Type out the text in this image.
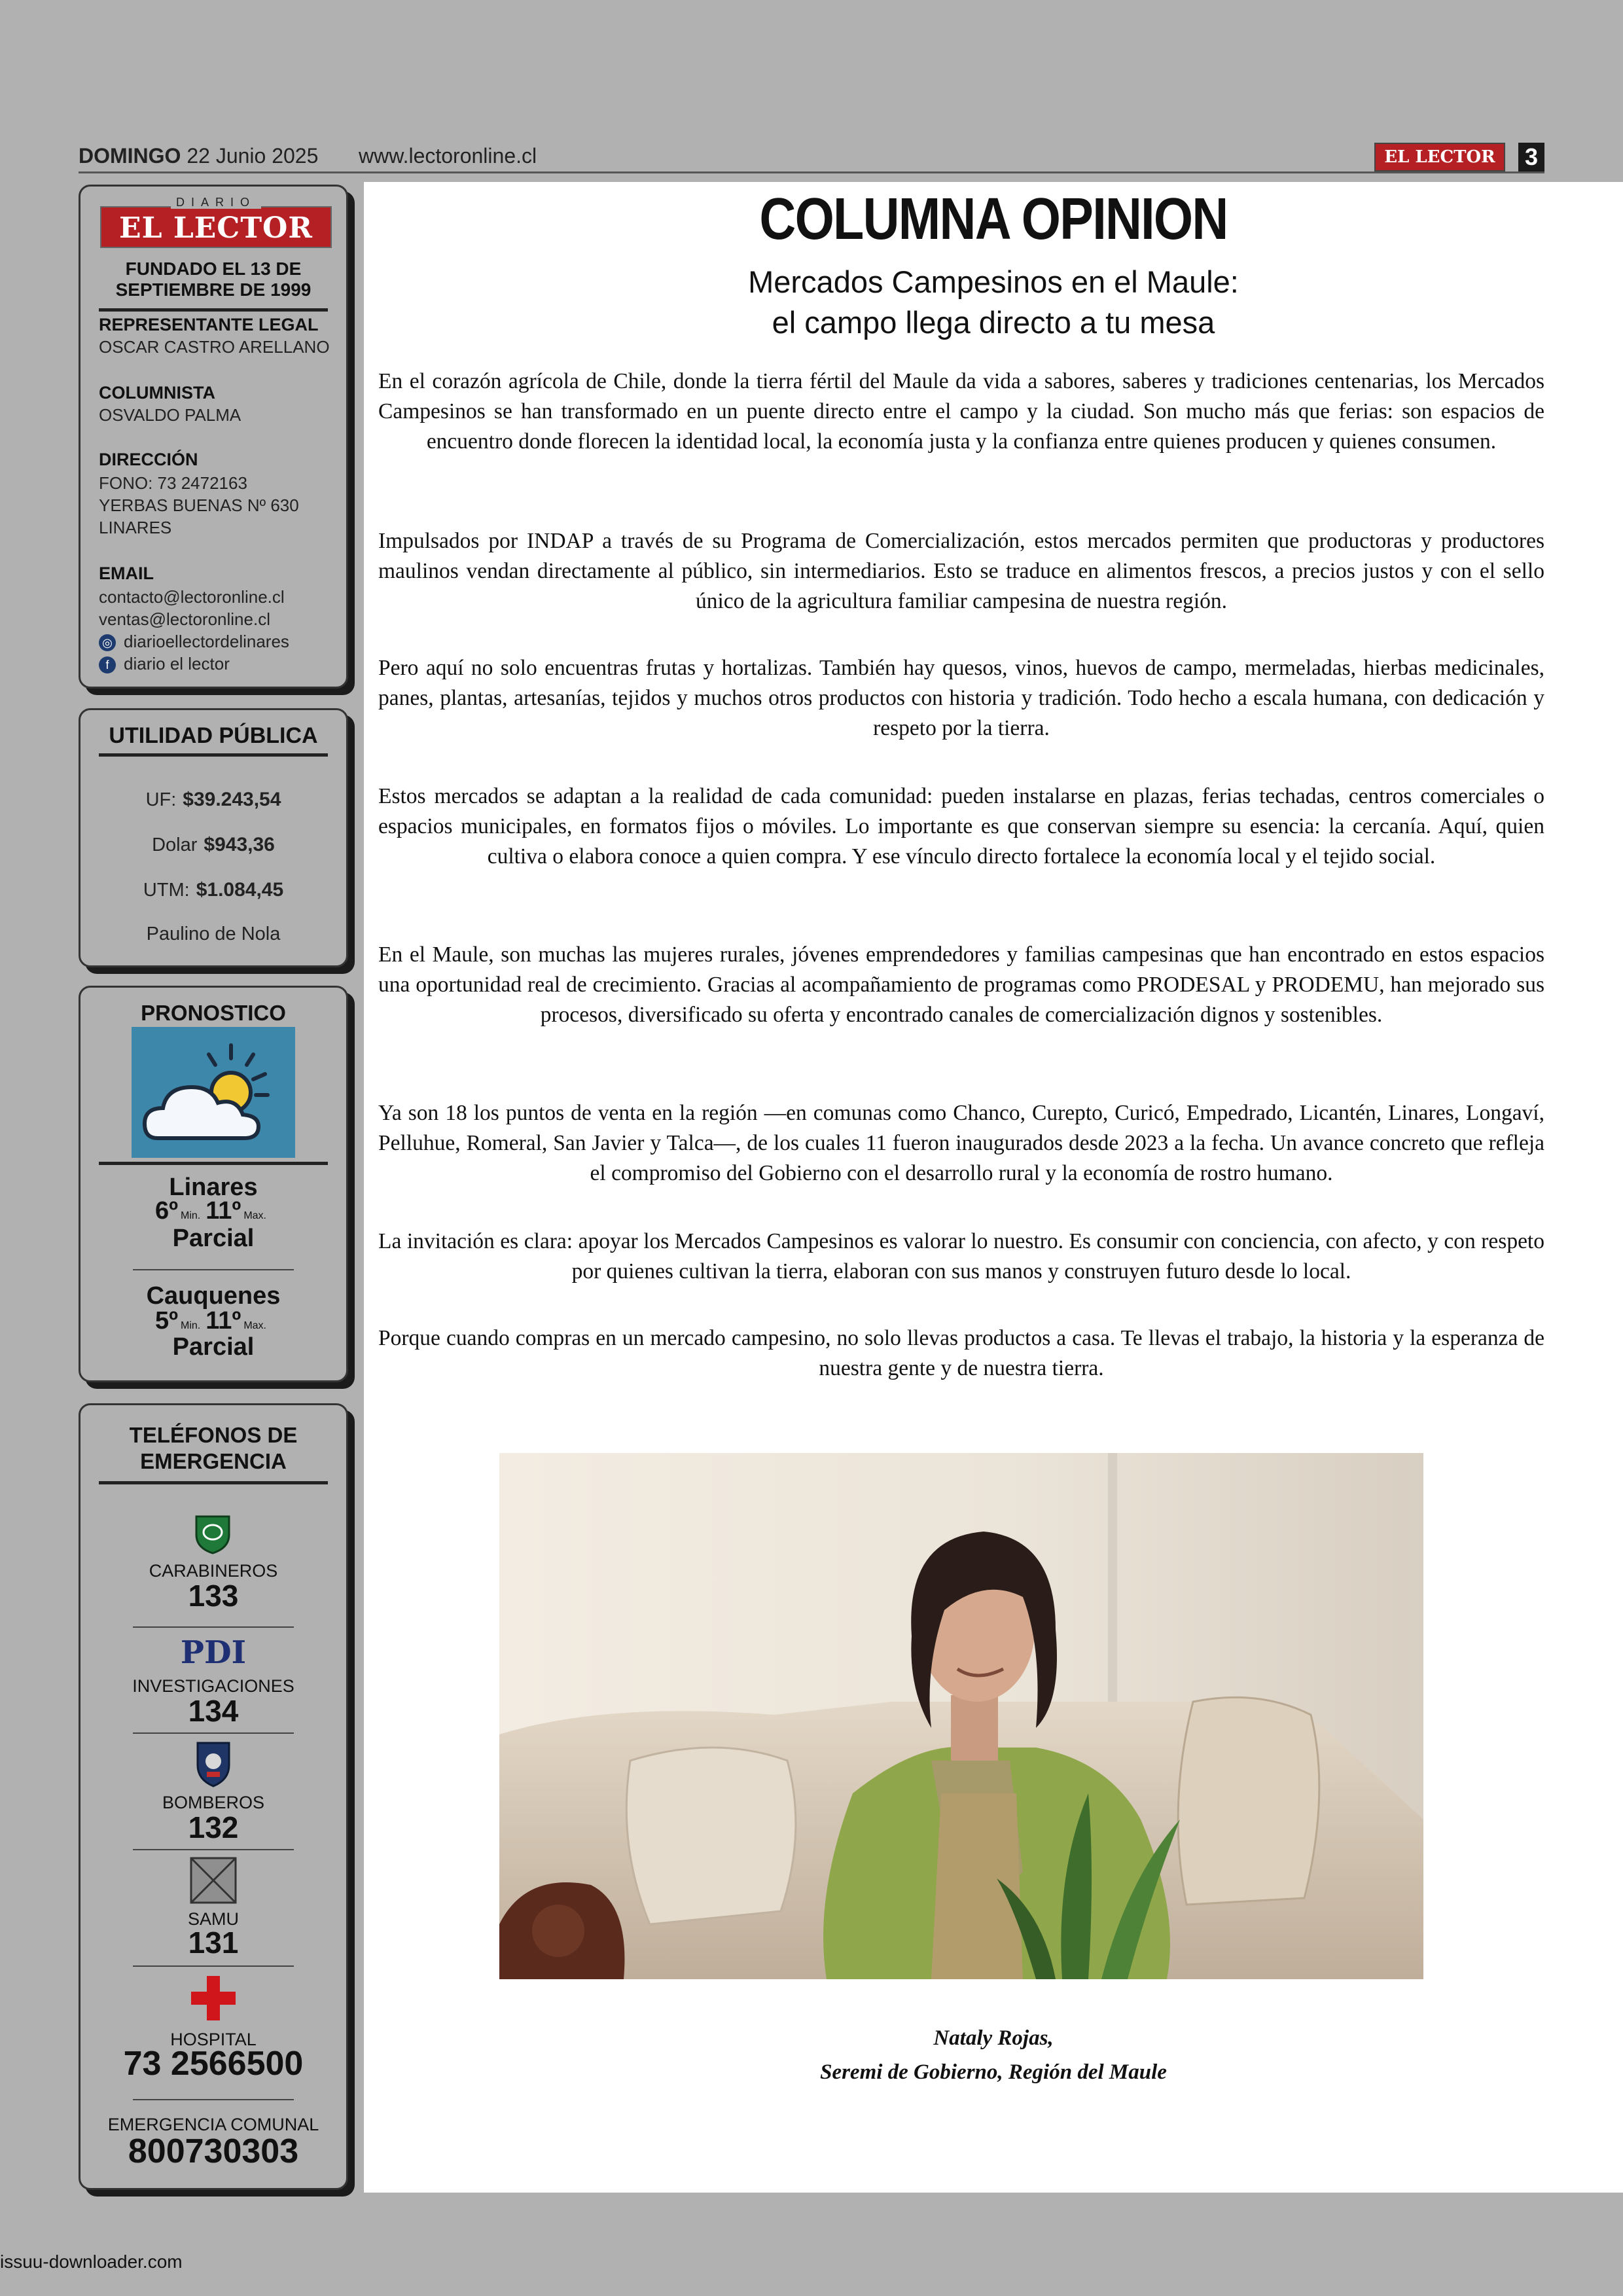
DOMINGO 22 Junio 2025 www.lectoronline.cl	EL LECTOR	3
DIARIO
EL LECTOR
FUNDADO EL 13 DE
SEPTIEMBRE DE 1999
REPRESENTANTE LEGAL
OSCAR CASTRO ARELLANO
COLUMNISTA
OSVALDO PALMA
DIRECCIÓN
FONO: 73 2472163
YERBAS BUENAS Nº 630
LINARES
EMAIL
contacto@lectoronline.cl
ventas@lectoronline.cl
◎ diarioellectordelinares
f diario el lector
UTILIDAD PÚBLICA
UF: $39.243,54
Dolar $943,36
UTM: $1.084,45
Paulino de Nola
PRONOSTICO
Linares
6º Min. 11º Max.
Parcial
Cauquenes
5º Min. 11º Max.
Parcial
TELÉFONOS DE
EMERGENCIA
CARABINEROS
133
PDI
INVESTIGACIONES
134
BOMBEROS
132
SAMU
131
HOSPITAL
73 2566500
EMERGENCIA COMUNAL
800730303
COLUMNA OPINION
Mercados Campesinos en el Maule:
el campo llega directo a tu mesa

En el corazón agrícola de Chile, donde la tierra fértil del Maule da vida a sabores, saberes y tradiciones centenarias, los Mercados Campesinos se han transformado en un puente directo entre el campo y la ciudad. Son mucho más que ferias: son espacios de encuentro donde florecen la identidad local, la economía justa y la confianza entre quienes producen y quienes consumen.

Impulsados por INDAP a través de su Programa de Comercialización, estos mercados permiten que productoras y productores maulinos vendan directamente al público, sin intermediarios. Esto se traduce en alimentos frescos, a precios justos y con el sello único de la agricultura familiar campesina de nuestra región.

Pero aquí no solo encuentras frutas y hortalizas. También hay quesos, vinos, huevos de campo, mermeladas, hierbas medicinales, panes, plantas, artesanías, tejidos y muchos otros productos con historia y tradición. Todo hecho a escala humana, con dedicación y respeto por la tierra.

Estos mercados se adaptan a la realidad de cada comunidad: pueden instalarse en plazas, ferias techadas, centros comerciales o espacios municipales, en formatos fijos o móviles. Lo importante es que conservan siempre su esencia: la cercanía. Aquí, quien cultiva o elabora conoce a quien compra. Y ese vínculo directo fortalece la economía local y el tejido social.

En el Maule, son muchas las mujeres rurales, jóvenes emprendedores y familias campesinas que han encontrado en estos espacios una oportunidad real de crecimiento. Gracias al acompañamiento de programas como PRODESAL y PRODEMU, han mejorado sus procesos, diversificado su oferta y encontrado canales de comercialización dignos y sostenibles.

Ya son 18 los puntos de venta en la región —en comunas como Chanco, Curepto, Curicó, Empedrado, Licantén, Linares, Longaví, Pelluhue, Romeral, San Javier y Talca—, de los cuales 11 fueron inaugurados desde 2023 a la fecha. Un avance concreto que refleja el compromiso del Gobierno con el desarrollo rural y la economía de rostro humano.

La invitación es clara: apoyar los Mercados Campesinos es valorar lo nuestro. Es consumir con conciencia, con afecto, y con respeto por quienes cultivan la tierra, elaboran con sus manos y construyen futuro desde lo local.

Porque cuando compras en un mercado campesino, no solo llevas productos a casa. Te llevas el trabajo, la historia y la esperanza de nuestra gente y de nuestra tierra.

Nataly Rojas,
Seremi de Gobierno, Región del Maule
issuu-downloader.com
